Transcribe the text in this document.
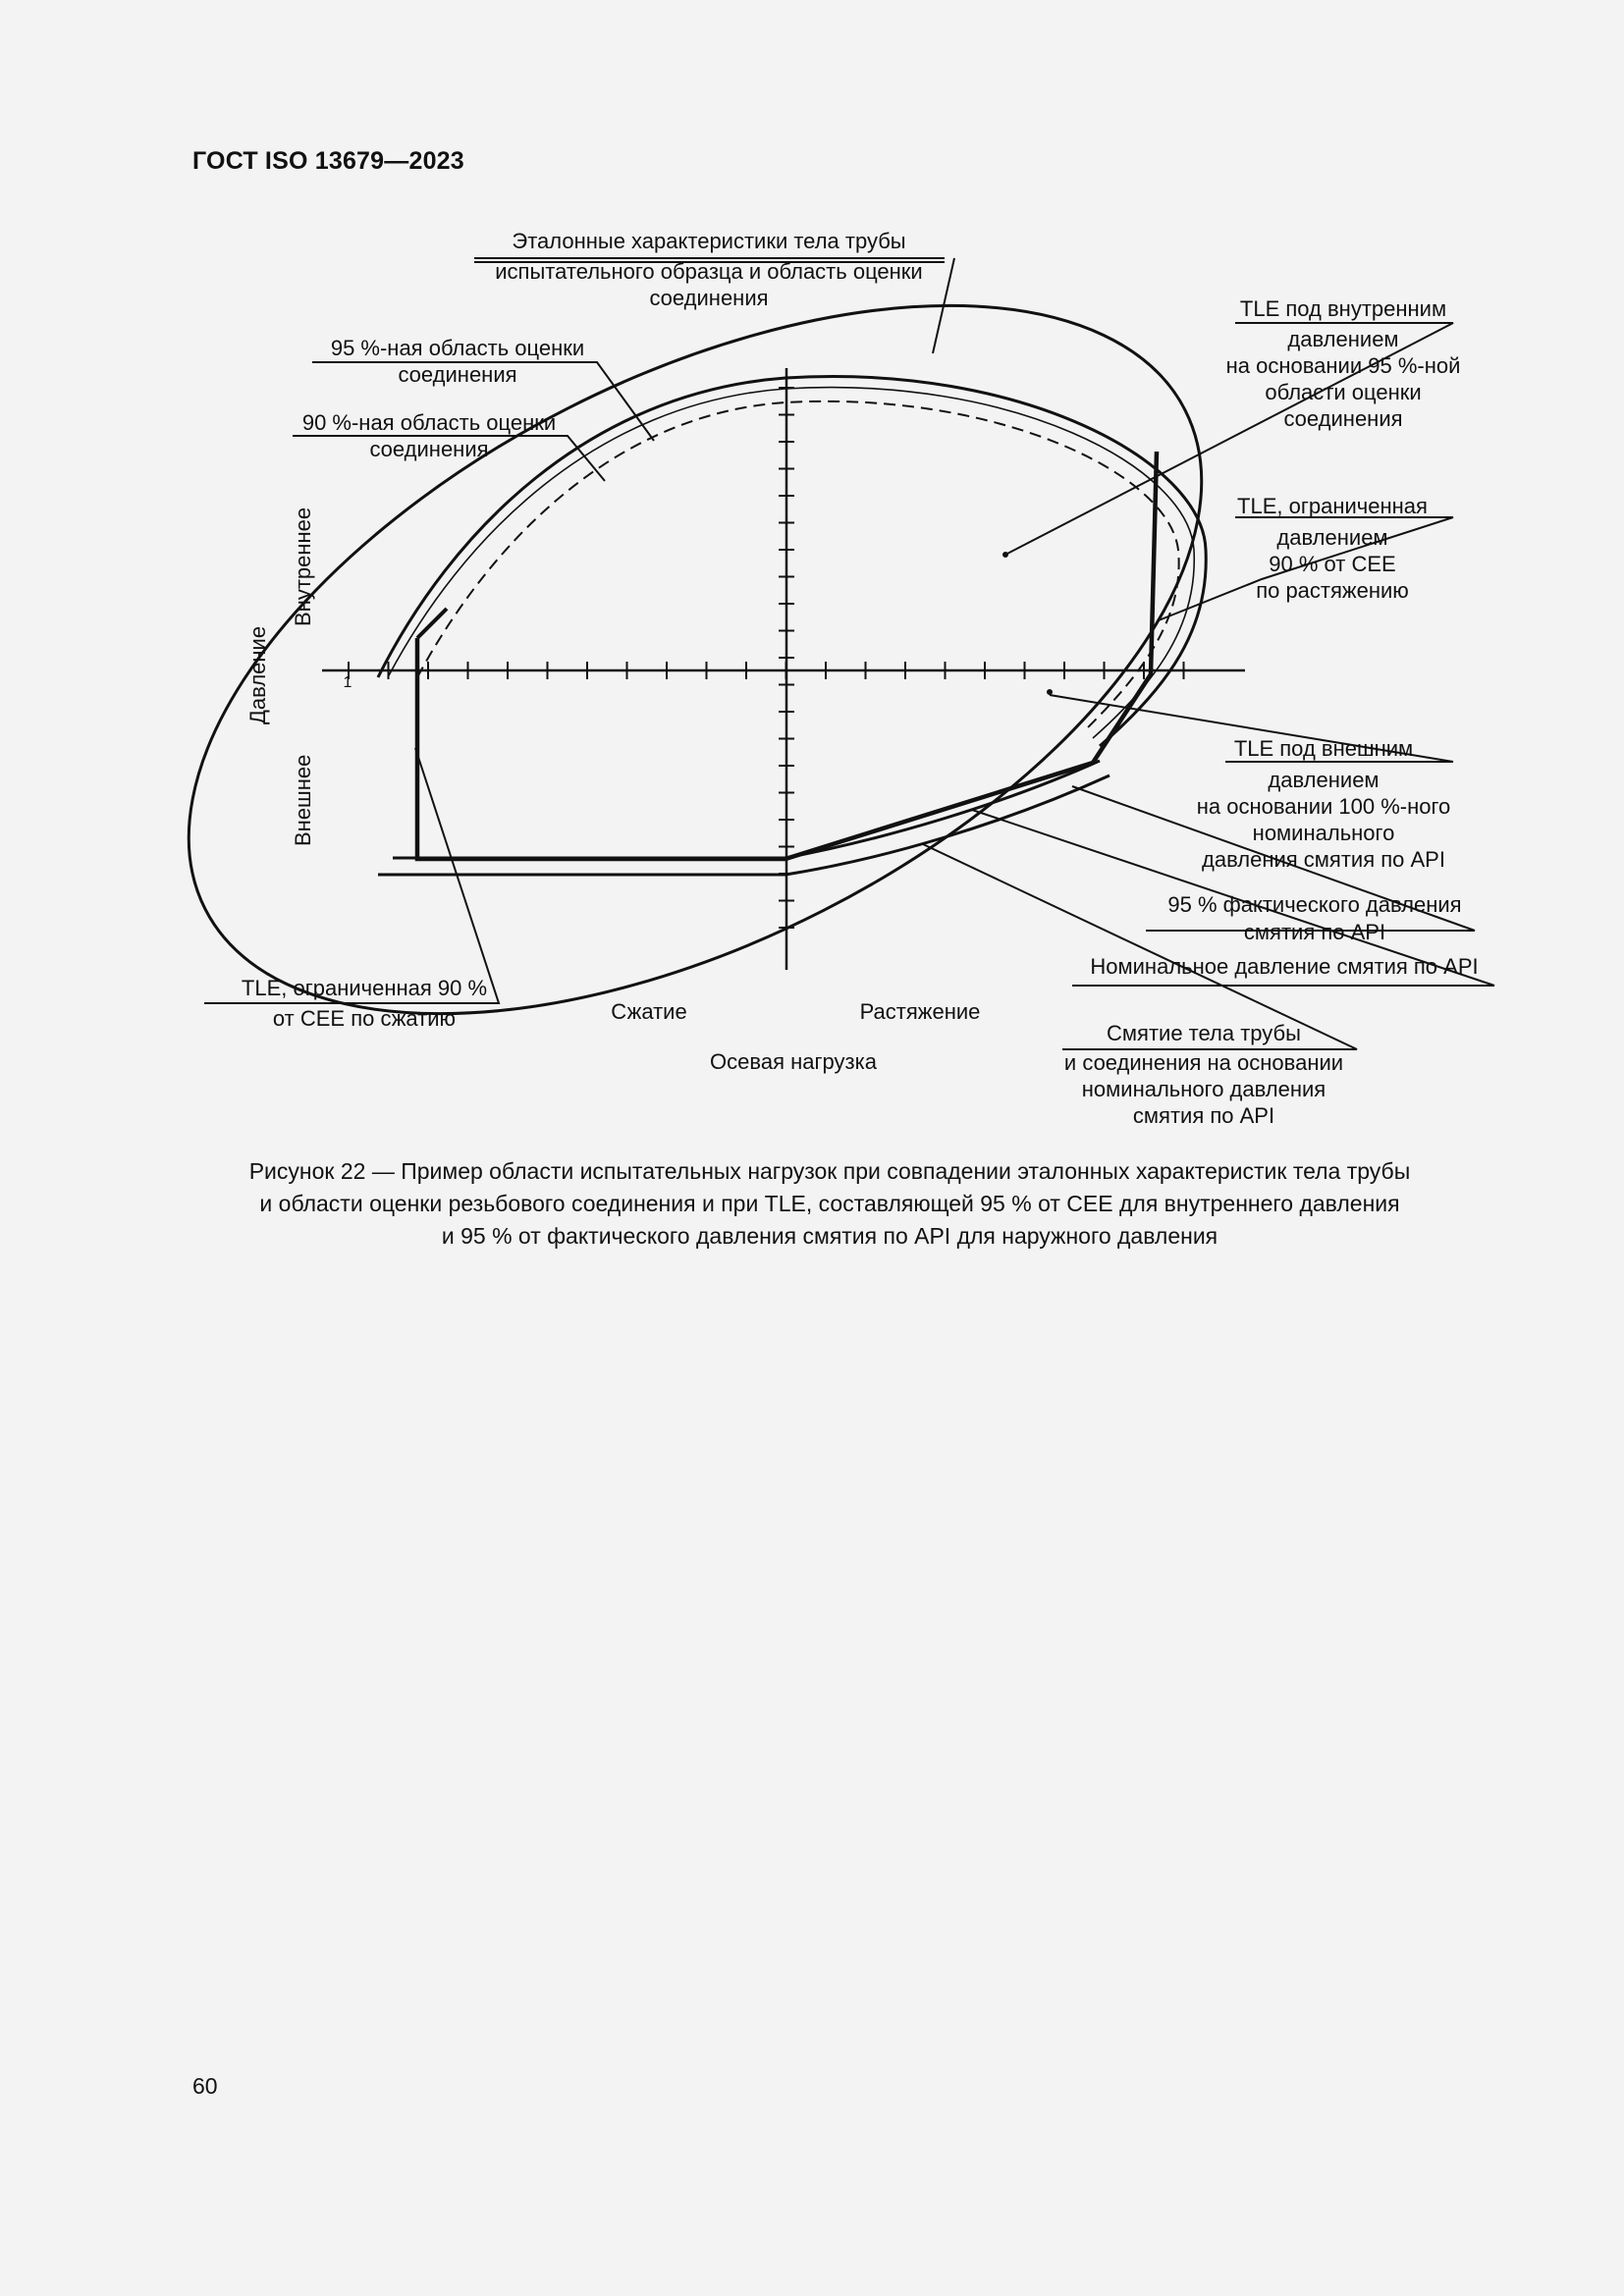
ГОСТ ISO 13679—2023
Давление
Внутреннее
Внешнее
Сжатие	Растяжение
Осевая нагрузка
1
Эталонные характеристики тела трубы
испытательного образца и область оценки
соединения
95 %-ная область оценки
соединения
90 %-ная область оценки
соединения
TLE под внутренним
давлением
на основании 95 %-ной
области оценки
соединения
TLE, ограниченная
давлением
90 % от CEE
по растяжению
TLE под внешним
давлением
на основании 100 %-ного
номинального
давления смятия по API
95 % фактического давления
смятия по API
Номинальное давление смятия по API
Смятие тела трубы
и соединения на основании
номинального давления
смятия по API
TLE, ограниченная 90 %
от CEE по сжатию
Рисунок 22 — Пример области испытательных нагрузок при совпадении эталонных характеристик тела трубы
и области оценки резьбового соединения и при TLE, составляющей 95 % от CEE для внутреннего давления
и 95 % от фактического давления смятия по API для наружного давления
60
